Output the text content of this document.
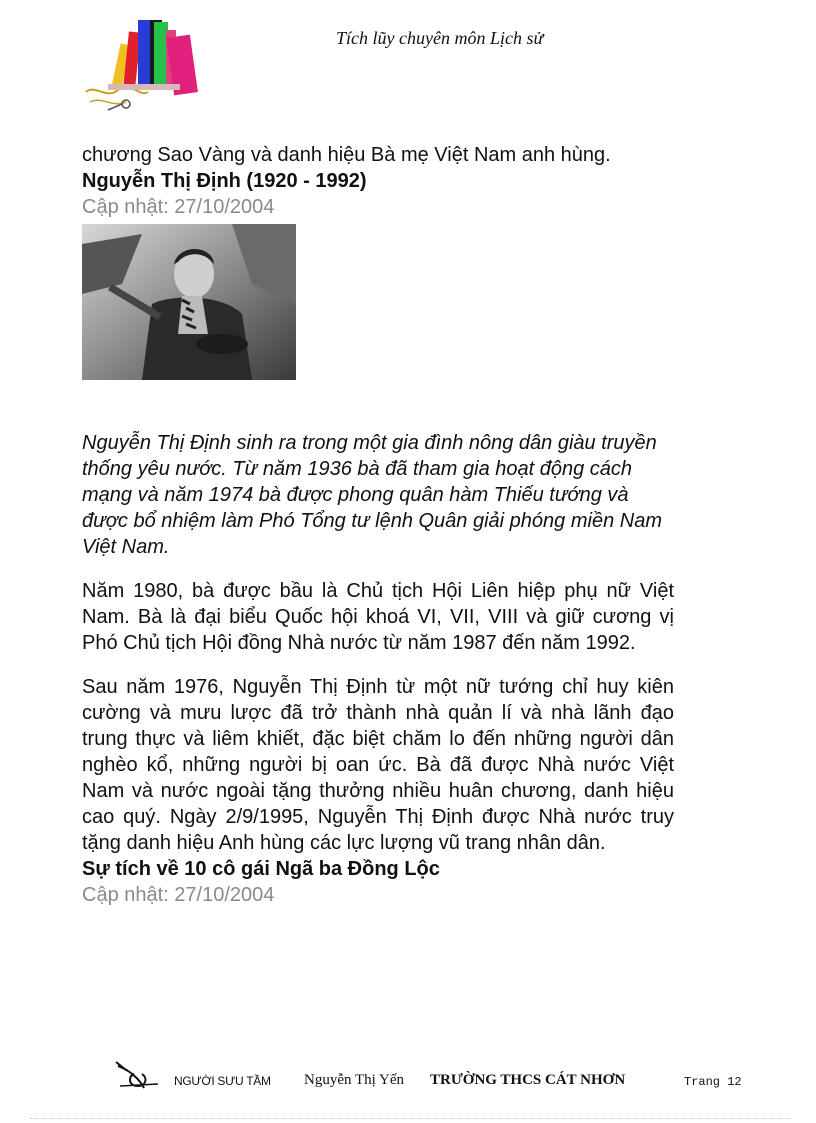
Tích lũy chuyên môn Lịch sử

chương Sao Vàng và danh hiệu Bà mẹ Việt Nam anh hùng.

Nguyễn Thị Định (1920 - 1992)

Cập nhật: 27/10/2004

Nguyễn Thị Định sinh ra trong một gia đình nông dân giàu truyền thống yêu nước. Từ năm 1936 bà đã tham gia hoạt động cách mạng và năm 1974 bà được phong quân hàm Thiếu tướng và được bổ nhiệm làm Phó Tổng tư lệnh Quân giải phóng miền Nam Việt Nam.

Năm 1980, bà được bầu là Chủ tịch Hội Liên hiệp phụ nữ Việt Nam. Bà là đại biểu Quốc hội khoá VI, VII, VIII và giữ cương vị Phó Chủ tịch Hội đồng Nhà nước từ năm 1987 đến năm 1992.

Sau năm 1976, Nguyễn Thị Định từ một nữ tướng chỉ huy kiên cường và mưu lược đã trở thành nhà quản lí và nhà lãnh đạo trung thực và liêm khiết, đặc biệt chăm lo đến những người dân nghèo kổ, những người bị oan ức. Bà đã được Nhà nước Việt Nam và nước ngoài tặng thưởng nhiều huân chương, danh hiệu cao quý. Ngày 2/9/1995, Nguyễn Thị Định được Nhà nước truy tặng danh hiệu Anh hùng các lực lượng vũ trang nhân dân.

Sự tích về 10 cô gái Ngã ba Đồng Lộc

Cập nhật: 27/10/2004

NGƯỜI SƯU TẦM Nguyễn Thị Yến TRƯỜNG THCS CÁT NHƠN	Trang 12
